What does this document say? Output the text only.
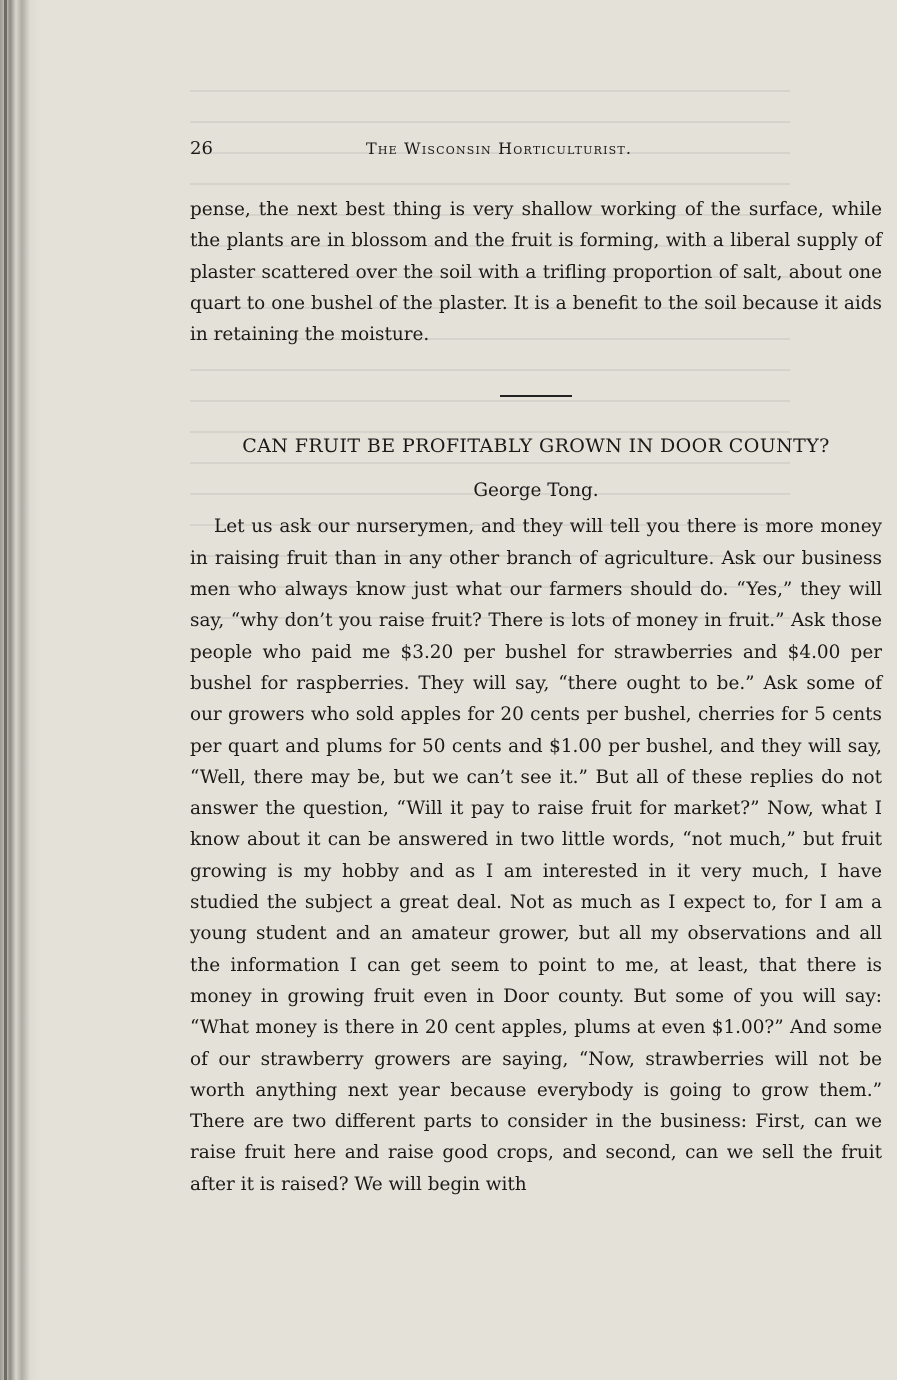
26	The Wisconsin Horticulturist.

pense, the next best thing is very shallow working of the surface, while the plants are in blossom and the fruit is forming, with a liberal supply of plaster scattered over the soil with a trifling proportion of salt, about one quart to one bushel of the plaster. It is a benefit to the soil because it aids in retaining the moisture.

CAN FRUIT BE PROFITABLY GROWN IN DOOR COUNTY?
George Tong.

Let us ask our nurserymen, and they will tell you there is more money in raising fruit than in any other branch of agriculture. Ask our business men who always know just what our farmers should do. “Yes,” they will say, “why don’t you raise fruit? There is lots of money in fruit.” Ask those people who paid me $3.20 per bushel for strawberries and $4.00 per bushel for raspberries. They will say, “there ought to be.” Ask some of our growers who sold apples for 20 cents per bushel, cherries for 5 cents per quart and plums for 50 cents and $1.00 per bushel, and they will say, “Well, there may be, but we can’t see it.” But all of these replies do not answer the question, “Will it pay to raise fruit for market?” Now, what I know about it can be answered in two little words, “not much,” but fruit growing is my hobby and as I am interested in it very much, I have studied the subject a great deal. Not as much as I expect to, for I am a young student and an amateur grower, but all my observations and all the information I can get seem to point to me, at least, that there is money in growing fruit even in Door county. But some of you will say: “What money is there in 20 cent apples, plums at even $1.00?” And some of our strawberry growers are saying, “Now, strawberries will not be worth anything next year because everybody is going to grow them.” There are two different parts to consider in the business: First, can we raise fruit here and raise good crops, and second, can we sell the fruit after it is raised? We will begin with
